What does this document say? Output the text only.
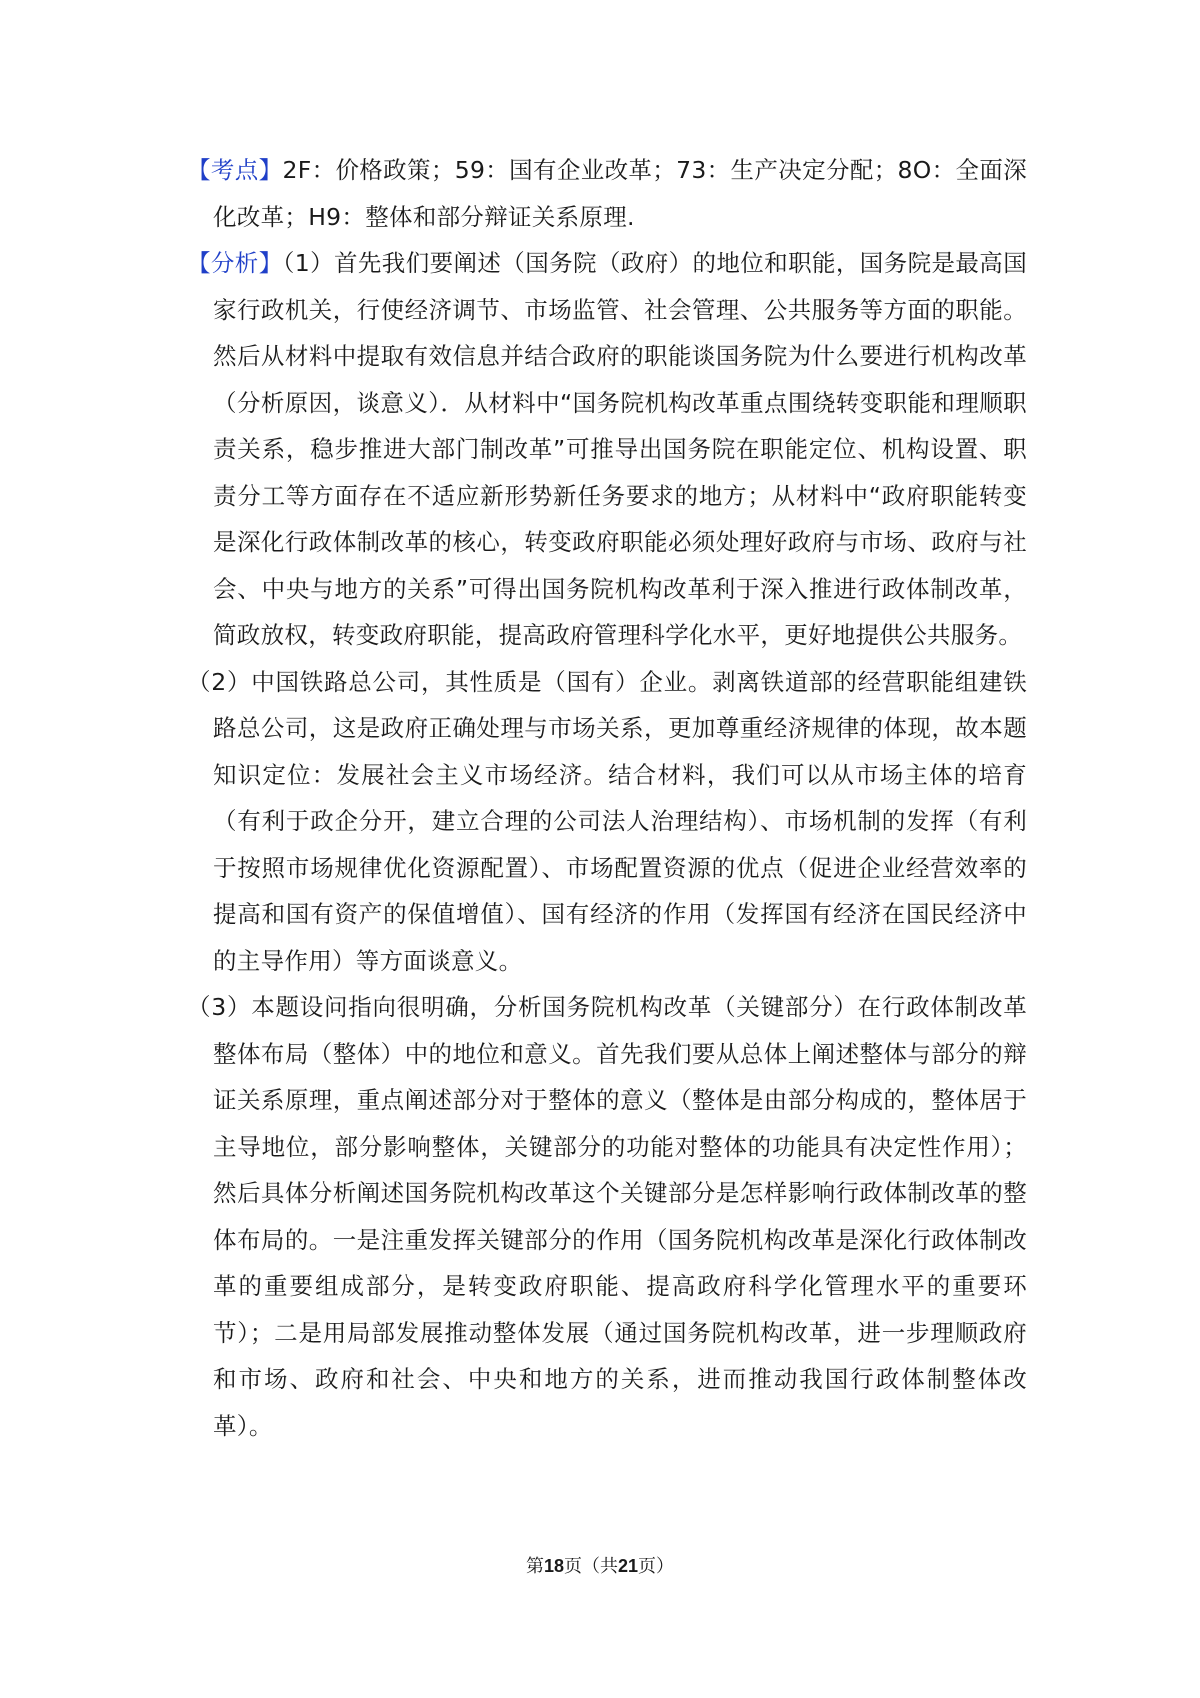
【考点】2F：价格政策；59：国有企业改革；73：生产决定分配；8O：全面深化改革；H9：整体和部分辩证关系原理.

【分析】（1）首先我们要阐述（国务院（政府）的地位和职能，国务院是最高国家行政机关，行使经济调节、市场监管、社会管理、公共服务等方面的职能。然后从材料中提取有效信息并结合政府的职能谈国务院为什么要进行机构改革（分析原因，谈意义）．从材料中“国务院机构改革重点围绕转变职能和理顺职责关系，稳步推进大部门制改革”可推导出国务院在职能定位、机构设置、职责分工等方面存在不适应新形势新任务要求的地方；从材料中“政府职能转变是深化行政体制改革的核心，转变政府职能必须处理好政府与市场、政府与社会、中央与地方的关系”可得出国务院机构改革利于深入推进行政体制改革，简政放权，转变政府职能，提高政府管理科学化水平，更好地提供公共服务。

（2）中国铁路总公司，其性质是（国有）企业。剥离铁道部的经营职能组建铁路总公司，这是政府正确处理与市场关系，更加尊重经济规律的体现，故本题知识定位：发展社会主义市场经济。结合材料，我们可以从市场主体的培育（有利于政企分开，建立合理的公司法人治理结构）、市场机制的发挥（有利于按照市场规律优化资源配置）、市场配置资源的优点（促进企业经营效率的提高和国有资产的保值增值）、国有经济的作用（发挥国有经济在国民经济中的主导作用）等方面谈意义。

（3）本题设问指向很明确，分析国务院机构改革（关键部分）在行政体制改革整体布局（整体）中的地位和意义。首先我们要从总体上阐述整体与部分的辩证关系原理，重点阐述部分对于整体的意义（整体是由部分构成的，整体居于主导地位，部分影响整体，关键部分的功能对整体的功能具有决定性作用）；然后具体分析阐述国务院机构改革这个关键部分是怎样影响行政体制改革的整体布局的。一是注重发挥关键部分的作用（国务院机构改革是深化行政体制改革的重要组成部分，是转变政府职能、提高政府科学化管理水平的重要环节）；二是用局部发展推动整体发展（通过国务院机构改革，进一步理顺政府和市场、政府和社会、中央和地方的关系，进而推动我国行政体制整体改革）。

第18页（共21页）
